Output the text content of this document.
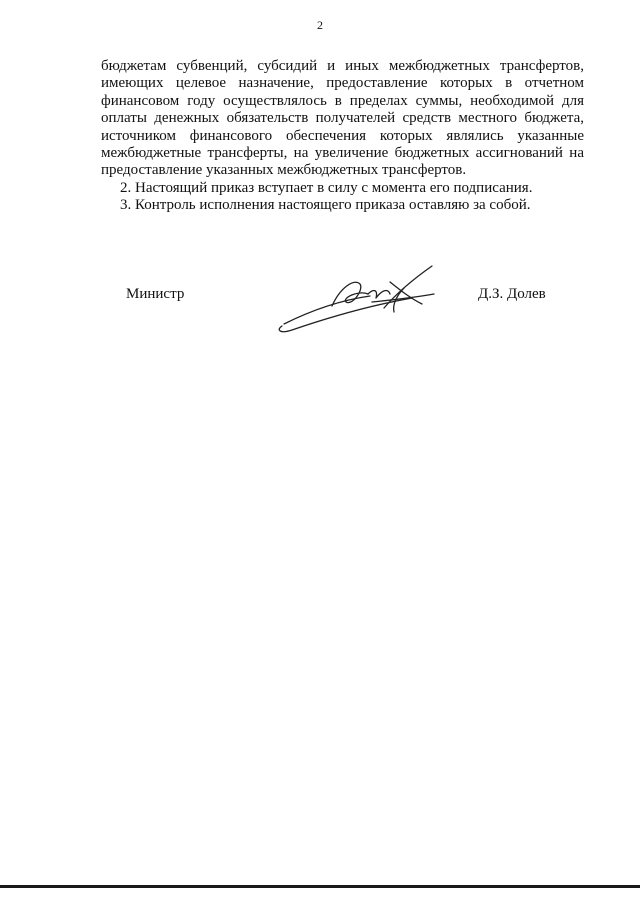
2

бюджетам субвенций, субсидий и иных межбюджетных трансфертов, имеющих целевое назначение, предоставление которых в отчетном финансовом году осуществлялось в пределах суммы, необходимой для оплаты денежных обязательств получателей средств местного бюджета, источником финансового обеспечения которых являлись указанные межбюджетные трансферты, на увеличение бюджетных ассигнований на предоставление указанных межбюджетных трансфертов.

2. Настоящий приказ вступает в силу с момента его подписания.

3. Контроль исполнения настоящего приказа оставляю за собой.

Министр	Д.З. Долев
